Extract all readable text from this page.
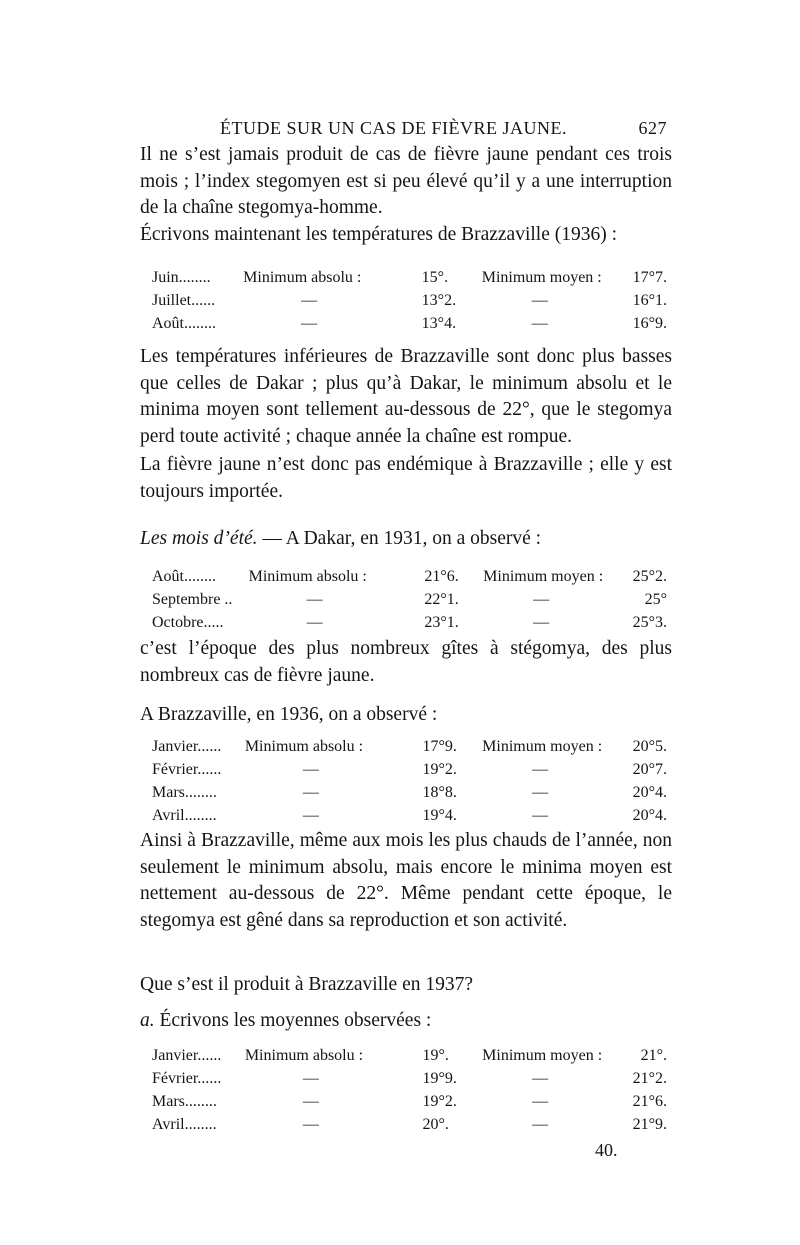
ÉTUDE SUR UN CAS DE FIÈVRE JAUNE.	627

Il ne s’est jamais produit de cas de fièvre jaune pendant ces trois mois ; l’index stegomyen est si peu élevé qu’il y a une interruption de la chaîne stegomya-homme.

Écrivons maintenant les températures de Brazzaville (1936) :

Juin........	Minimum absolu :	15°.	Minimum moyen :	17°7.
Juillet......	—	13°2.	—	16°1.
Août........	—	13°4.	—	16°9.

Les températures inférieures de Brazzaville sont donc plus basses que celles de Dakar ; plus qu’à Dakar, le minimum absolu et le minima moyen sont tellement au-dessous de 22°, que le stegomya perd toute activité ; chaque année la chaîne est rompue.

La fièvre jaune n’est donc pas endémique à Brazzaville ; elle y est toujours importée.

Les mois d’été. — A Dakar, en 1931, on a observé :

Août........	Minimum absolu :	21°6.	Minimum moyen :	25°2.
Septembre ..	—	22°1.	—	25°
Octobre.....	—	23°1.	—	25°3.

c’est l’époque des plus nombreux gîtes à stégomya, des plus nombreux cas de fièvre jaune.

A Brazzaville, en 1936, on a observé :

Janvier......	Minimum absolu :	17°9.	Minimum moyen :	20°5.
Février......	—	19°2.	—	20°7.
Mars........	—	18°8.	—	20°4.
Avril........	—	19°4.	—	20°4.

Ainsi à Brazzaville, même aux mois les plus chauds de l’année, non seulement le minimum absolu, mais encore le minima moyen est nettement au-dessous de 22°. Même pendant cette époque, le stegomya est gêné dans sa reproduction et son activité.

Que s’est il produit à Brazzaville en 1937?

a. Écrivons les moyennes observées :

Janvier......	Minimum absolu :	19°.	Minimum moyen :	21°.
Février......	—	19°9.	—	21°2.
Mars........	—	19°2.	—	21°6.
Avril........	—	20°.	—	21°9.
40.
